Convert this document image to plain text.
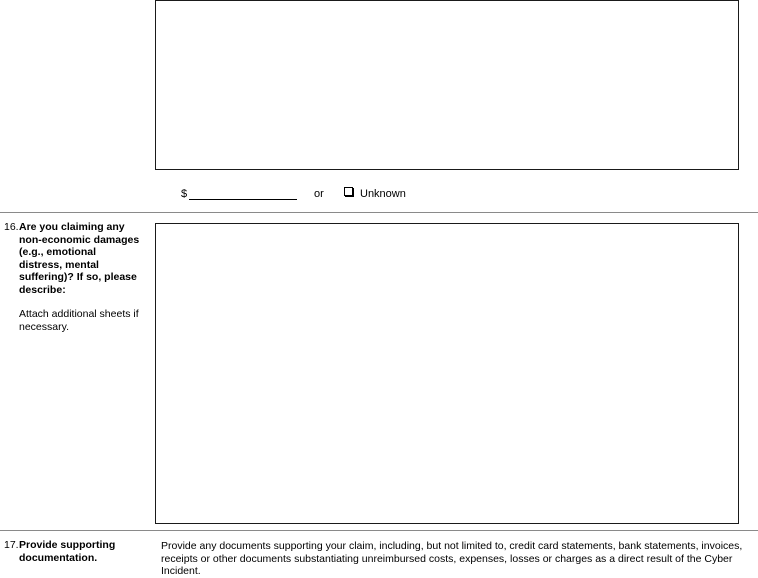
$	or	Unknown
16. Are you claiming any non-economic damages (e.g., emotional distress, mental suffering)? If so, please describe:
Attach additional sheets if necessary.
17. Provide supporting documentation.
Provide any documents supporting your claim, including, but not limited to, credit card statements, bank statements, invoices, receipts or other documents substantiating unreimbursed costs, expenses, losses or charges as a direct result of the Cyber Incident.
